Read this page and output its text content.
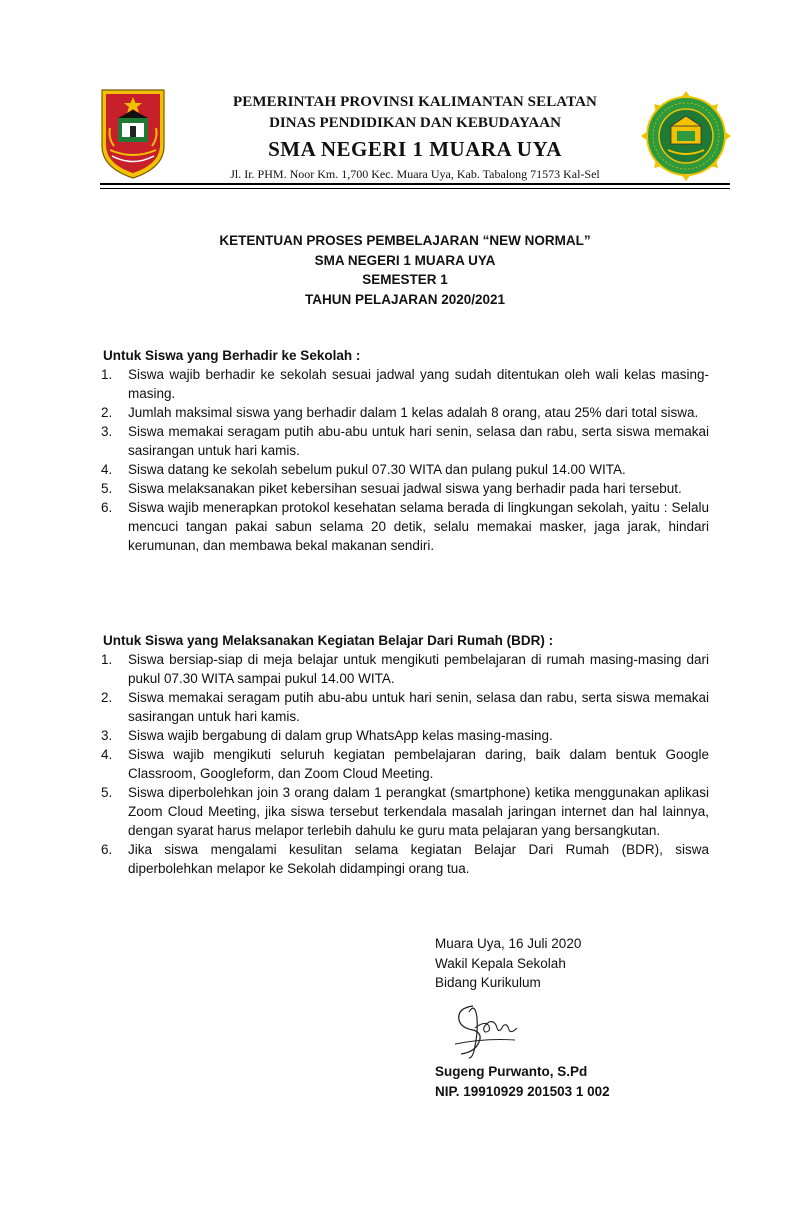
PEMERINTAH PROVINSI KALIMANTAN SELATAN
DINAS PENDIDIKAN DAN KEBUDAYAAN
SMA NEGERI 1 MUARA UYA
Jl. Ir. PHM. Noor Km. 1,700 Kec. Muara Uya, Kab. Tabalong 71573 Kal-Sel
KETENTUAN PROSES PEMBELAJARAN “NEW NORMAL”
SMA NEGERI 1 MUARA UYA
SEMESTER 1
TAHUN PELAJARAN 2020/2021
Untuk Siswa yang Berhadir ke Sekolah :
1.	Siswa wajib berhadir ke sekolah sesuai jadwal yang sudah ditentukan oleh wali kelas masing-masing.
2.	Jumlah maksimal siswa yang berhadir dalam 1 kelas adalah 8 orang, atau 25% dari total siswa.
3.	Siswa memakai seragam putih abu-abu untuk hari senin, selasa dan rabu, serta siswa memakai sasirangan untuk hari kamis.
4.	Siswa datang ke sekolah sebelum pukul 07.30 WITA dan pulang pukul 14.00 WITA.
5.	Siswa melaksanakan piket kebersihan sesuai jadwal siswa yang berhadir pada hari tersebut.
6.	Siswa wajib menerapkan protokol kesehatan selama berada di lingkungan sekolah, yaitu : Selalu mencuci tangan pakai sabun selama 20 detik, selalu memakai masker, jaga jarak, hindari kerumunan, dan membawa bekal makanan sendiri.
Untuk Siswa yang Melaksanakan Kegiatan Belajar Dari Rumah (BDR) :
1.	Siswa bersiap-siap di meja belajar untuk mengikuti pembelajaran di rumah masing-masing dari pukul 07.30 WITA sampai pukul 14.00 WITA.
2.	Siswa memakai seragam putih abu-abu untuk hari senin, selasa dan rabu, serta siswa memakai sasirangan untuk hari kamis.
3.	Siswa wajib bergabung di dalam grup WhatsApp kelas masing-masing.
4.	Siswa wajib mengikuti seluruh kegiatan pembelajaran daring, baik dalam bentuk Google Classroom, Googleform, dan Zoom Cloud Meeting.
5.	Siswa diperbolehkan join 3 orang dalam 1 perangkat (smartphone) ketika menggunakan aplikasi Zoom Cloud Meeting, jika siswa tersebut terkendala masalah jaringan internet dan hal lainnya, dengan syarat harus melapor terlebih dahulu ke guru mata pelajaran yang bersangkutan.
6.	Jika siswa mengalami kesulitan selama kegiatan Belajar Dari Rumah (BDR), siswa diperbolehkan melapor ke Sekolah didampingi orang tua.
Muara Uya, 16 Juli 2020
Wakil Kepala Sekolah
Bidang Kurikulum
Sugeng Purwanto, S.Pd
NIP. 19910929 201503 1 002
